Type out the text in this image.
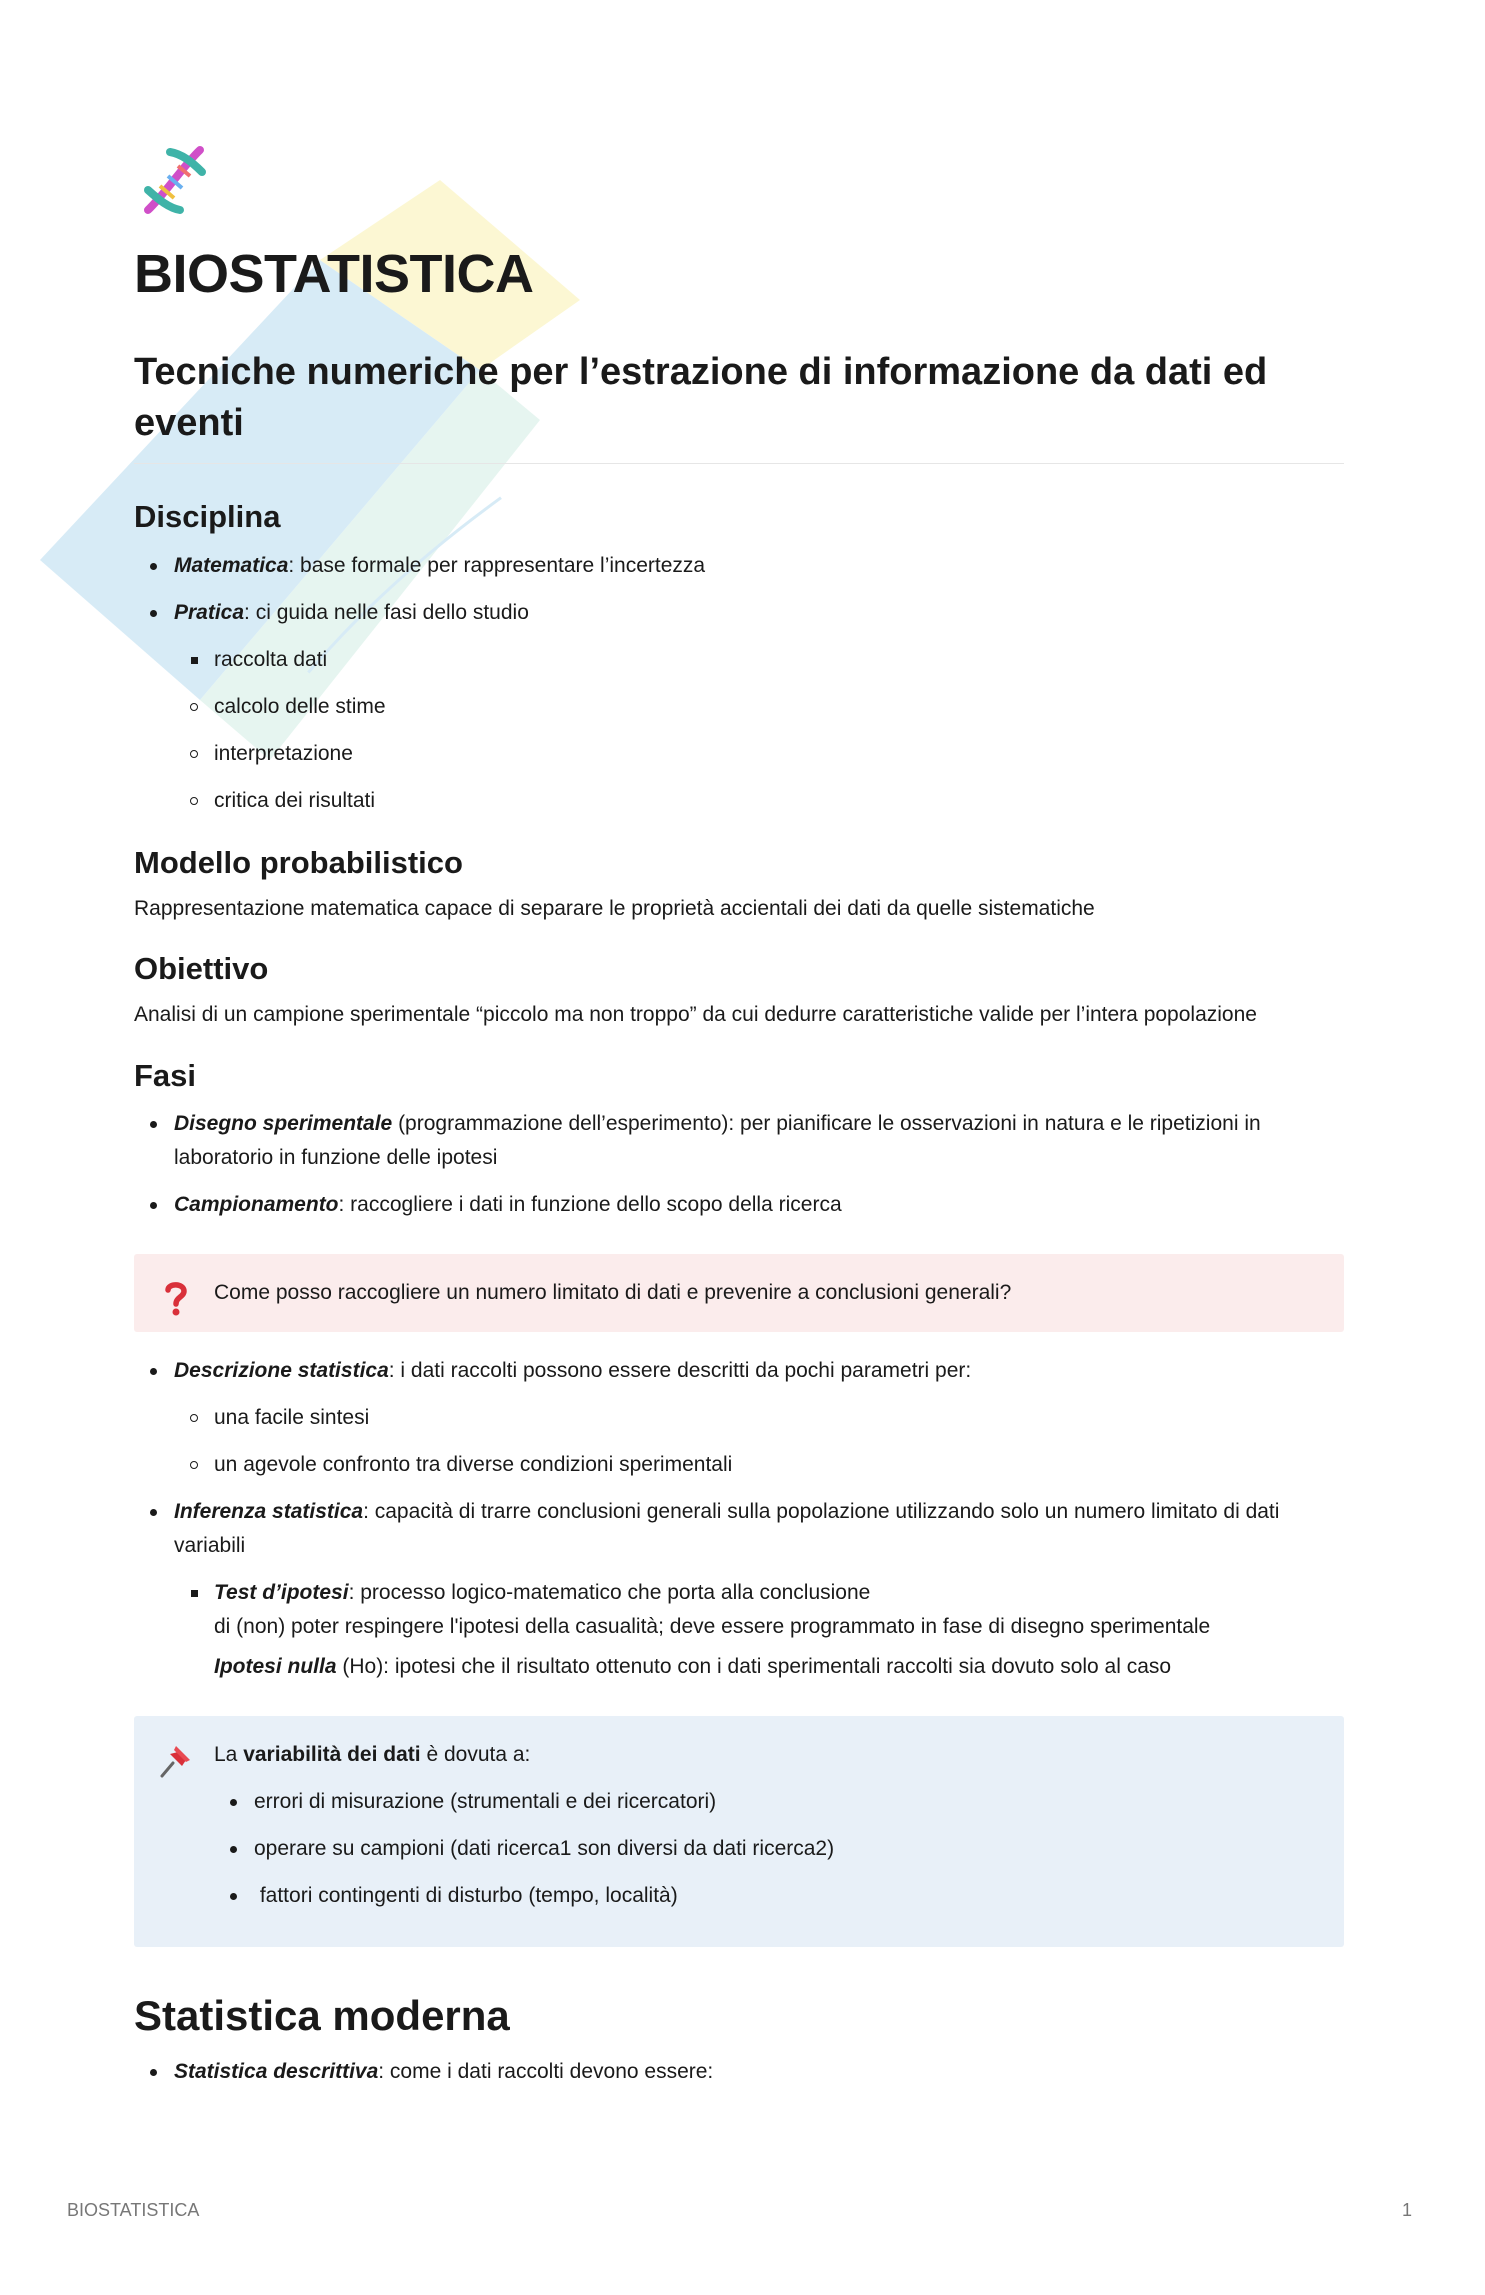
BIOSTATISTICA
Tecniche numeriche per l’estrazione di informazione da dati ed eventi
Disciplina
Matematica: base formale per rappresentare l’incertezza
Pratica: ci guida nelle fasi dello studio
raccolta dati
calcolo delle stime
interpretazione
critica dei risultati
Modello probabilistico

Rappresentazione matematica capace di separare le proprietà accientali dei dati da quelle sistematiche

Obiettivo

Analisi di un campione sperimentale “piccolo ma non troppo” da cui dedurre caratteristiche valide per l’intera popolazione

Fasi
Disegno sperimentale (programmazione dell’esperimento): per pianificare le osservazioni in natura e le ripetizioni in laboratorio in funzione delle ipotesi
Campionamento: raccogliere i dati in funzione dello scopo della ricerca
Come posso raccogliere un numero limitato di dati e prevenire a conclusioni generali?
Descrizione statistica: i dati raccolti possono essere descritti da pochi parametri per:
una facile sintesi
un agevole confronto tra diverse condizioni sperimentali
Inferenza statistica: capacità di trarre conclusioni generali sulla popolazione utilizzando solo un numero limitato di dati variabili
Test d’ipotesi: processo logico-matematico che porta alla conclusione
di (non) poter respingere l'ipotesi della casualità; deve essere programmato in fase di disegno sperimentale
Ipotesi nulla (Ho): ipotesi che il risultato ottenuto con i dati sperimentali raccolti sia dovuto solo al caso
La variabilità dei dati è dovuta a:
errori di misurazione (strumentali e dei ricercatori)
operare su campioni (dati ricerca1 son diversi da dati ricerca2)
fattori contingenti di disturbo (tempo, località)
Statistica moderna
Statistica descrittiva: come i dati raccolti devono essere:
BIOSTATISTICA	1
